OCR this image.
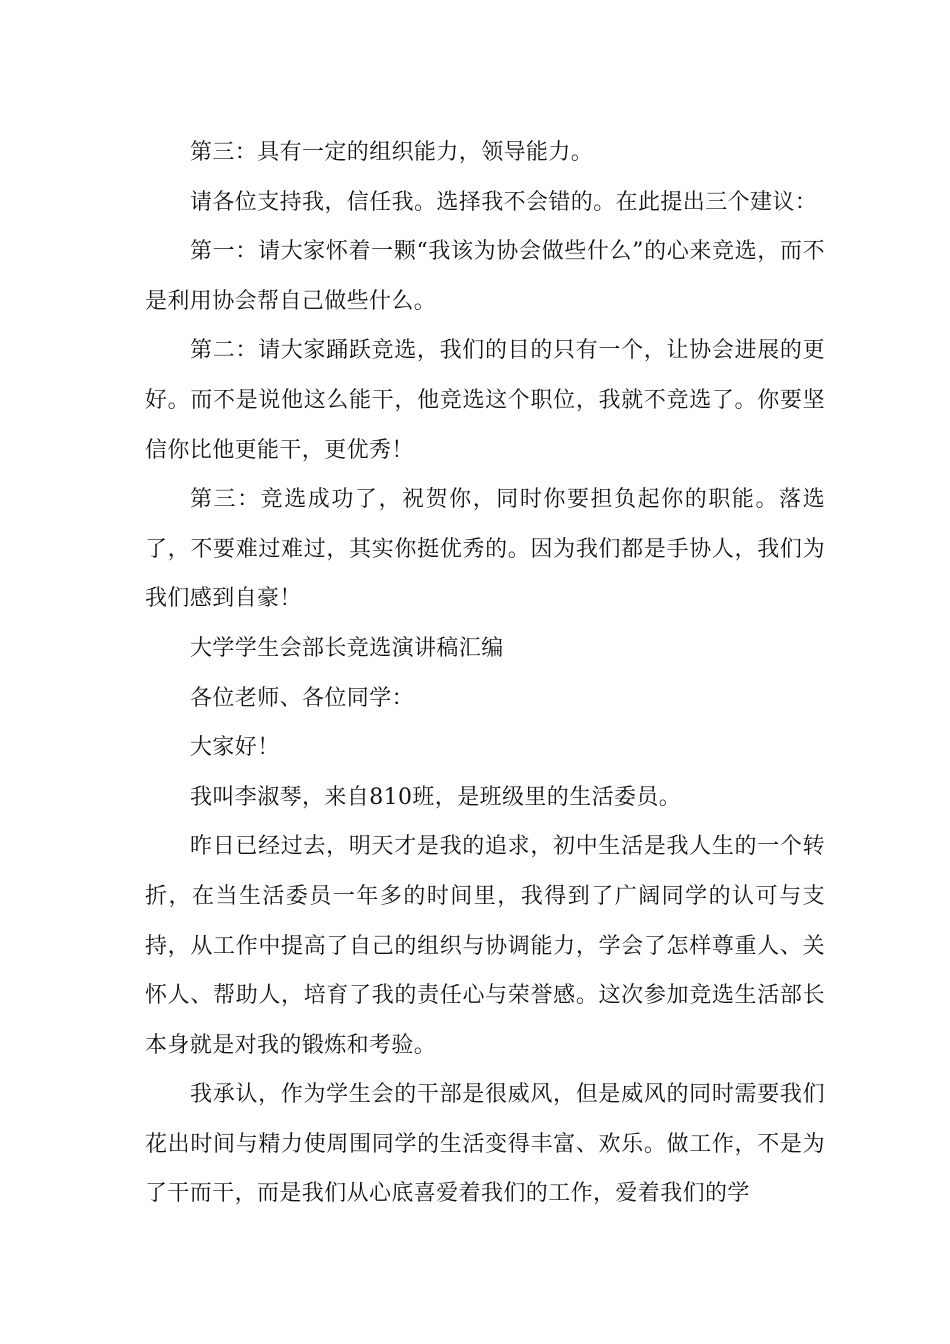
第三：具有一定的组织能力，领导能力。

请各位支持我，信任我。选择我不会错的。在此提出三个建议：

第一：请大家怀着一颗“我该为协会做些什么”的心来竞选，而不是利用协会帮自己做些什么。

第二：请大家踊跃竞选，我们的目的只有一个，让协会进展的更好。而不是说他这么能干，他竞选这个职位，我就不竞选了。你要坚信你比他更能干，更优秀！

第三：竞选成功了，祝贺你，同时你要担负起你的职能。落选了，不要难过难过，其实你挺优秀的。因为我们都是手协人，我们为我们感到自豪！

大学学生会部长竞选演讲稿汇编

各位老师、各位同学：

大家好！

我叫李淑琴，来自810班，是班级里的生活委员。

昨日已经过去，明天才是我的追求，初中生活是我人生的一个转折，在当生活委员一年多的时间里，我得到了广阔同学的认可与支持，从工作中提高了自己的组织与协调能力，学会了怎样尊重人、关怀人、帮助人，培育了我的责任心与荣誉感。这次参加竞选生活部长本身就是对我的锻炼和考验。

我承认，作为学生会的干部是很威风，但是威风的同时需要我们花出时间与精力使周围同学的生活变得丰富、欢乐。做工作，不是为了干而干，而是我们从心底喜爱着我们的工作，爱着我们的学
